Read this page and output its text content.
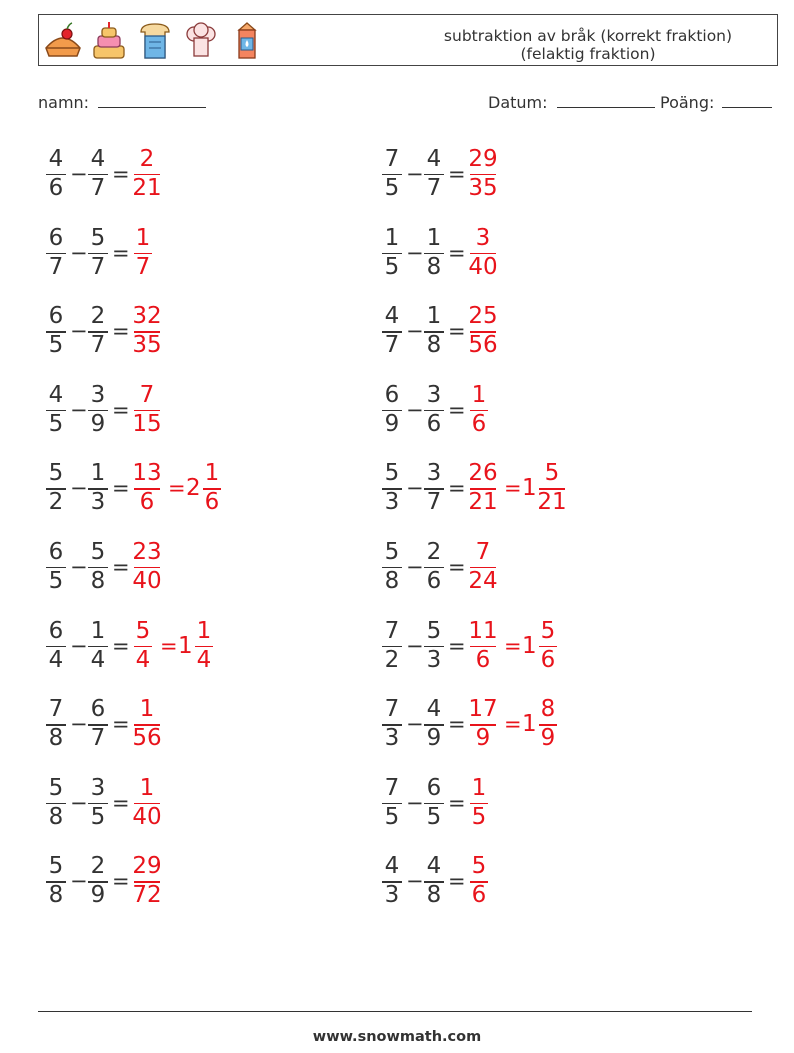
subtraktion av bråk (korrekt fraktion)
(felaktig fraktion)
namn:	Datum:	Poäng:
4
6
−
4
7
=
2
21
7
5
−
4
7
=
29
35
6
7
−
5
7
=
1
7
1
5
−
1
8
=
3
40
6
5
−
2
7
=
32
35
4
7
−
1
8
=
25
56
4
5
−
3
9
=
7
15
6
9
−
3
6
=
1
6
5
2
−
1
3
=
13
6
= 2
1
6
5
3
−
3
7
=
26
21
= 1
5
21
6
5
−
5
8
=
23
40
5
8
−
2
6
=
7
24
6
4
−
1
4
=
5
4
= 1
1
4
7
2
−
5
3
=
11
6
= 1
5
6
7
8
−
6
7
=
1
56
7
3
−
4
9
=
17
9
= 1
8
9
5
8
−
3
5
=
1
40
7
5
−
6
5
=
1
5
5
8
−
2
9
=
29
72
4
3
−
4
8
=
5
6
www.snowmath.com
